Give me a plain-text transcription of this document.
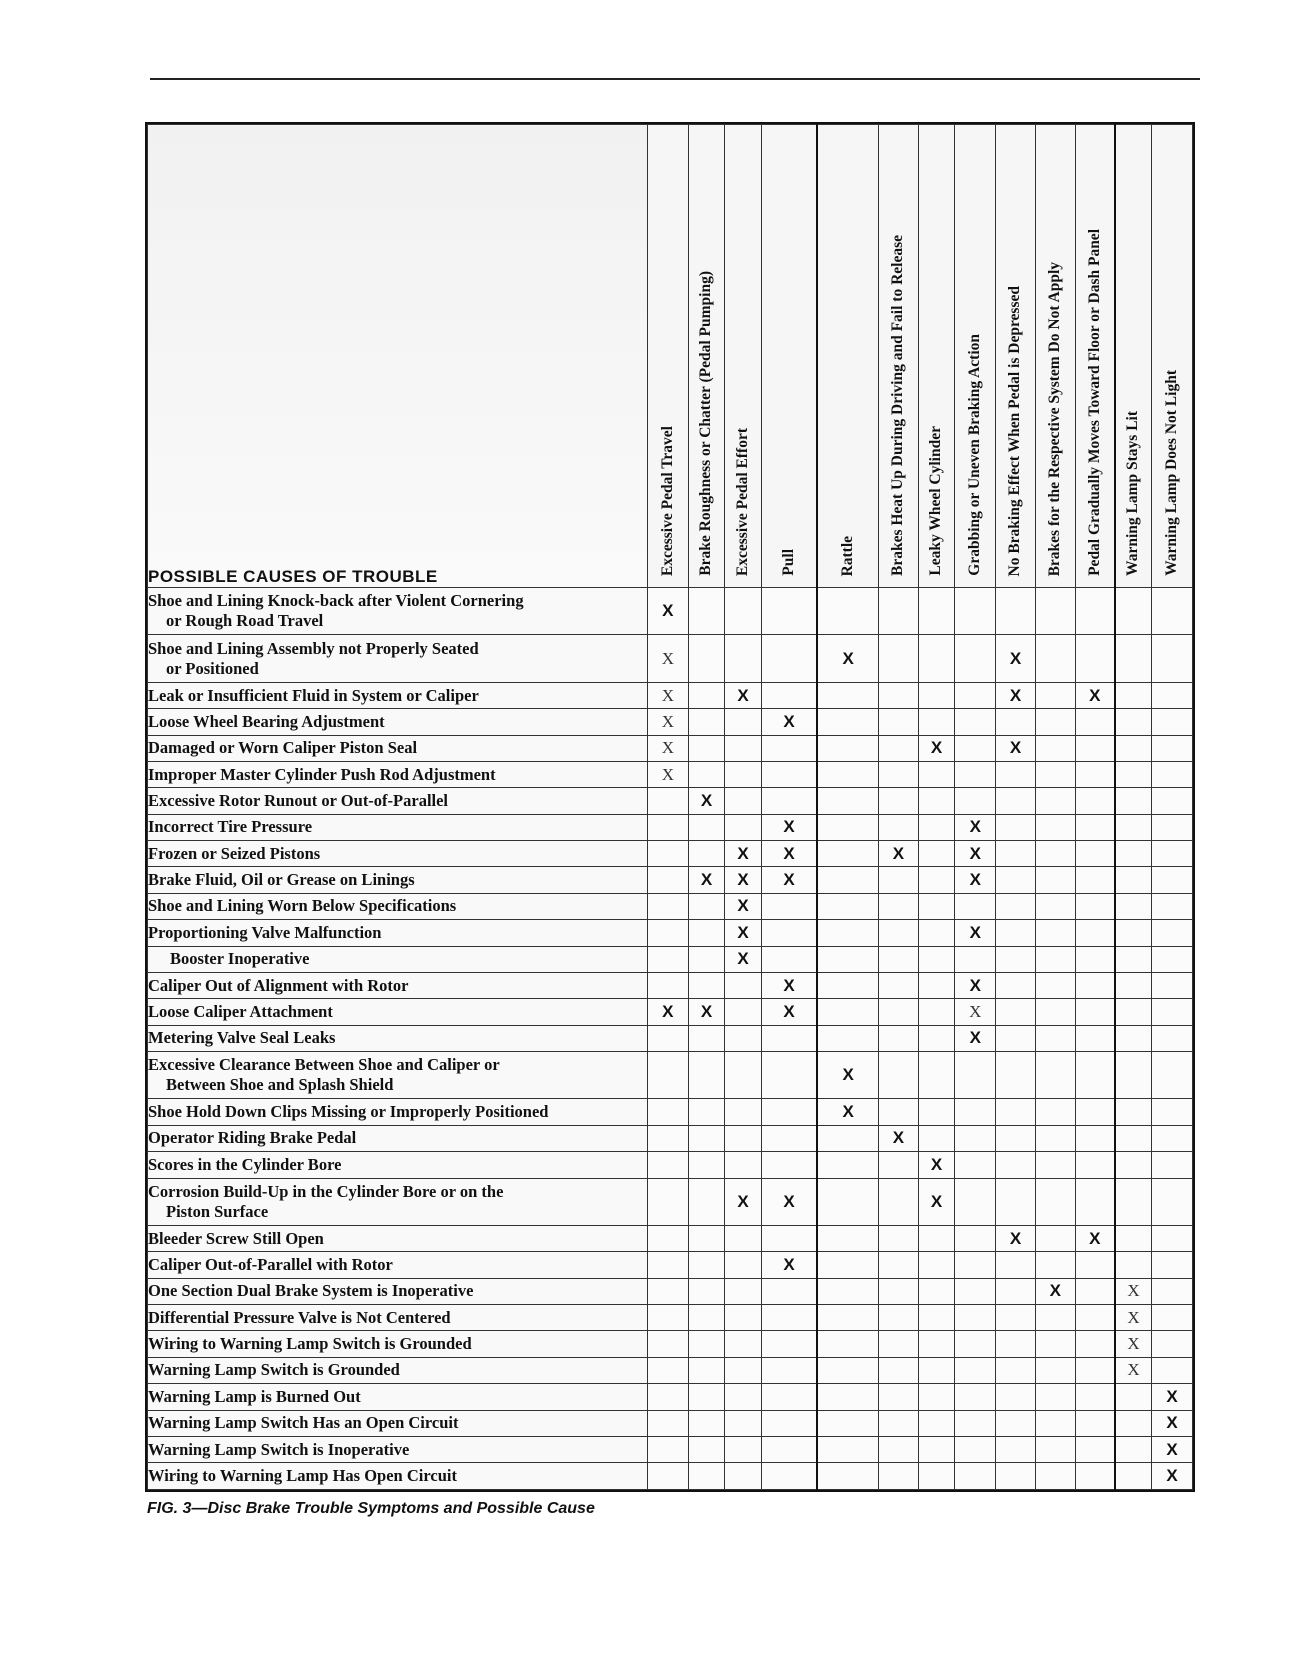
POSSIBLE CAUSES OF TROUBLE	Excessive Pedal Travel	Brake Roughness or Chatter (Pedal Pumping)	Excessive Pedal Effort	Pull	Rattle	Brakes Heat Up During Driving and Fail to Release	Leaky Wheel Cylinder	Grabbing or Uneven Braking Action	No Braking Effect When Pedal is Depressed	Brakes for the Respective System Do Not Apply	Pedal Gradually Moves Toward Floor or Dash Panel	Warning Lamp Stays Lit	Warning Lamp Does Not Light
Shoe and Lining Knock-back after Violent Cornering
or Rough Road Travel	X												
Shoe and Lining Assembly not Properly Seated
or Positioned	X				X				X				
Leak or Insufficient Fluid in System or Caliper	X		X						X		X		
Loose Wheel Bearing Adjustment	X			X									
Damaged or Worn Caliper Piston Seal	X						X		X				
Improper Master Cylinder Push Rod Adjustment	X												
Excessive Rotor Runout or Out-of-Parallel		X											
Incorrect Tire Pressure				X				X					
Frozen or Seized Pistons			X	X		X		X					
Brake Fluid, Oil or Grease on Linings		X	X	X				X					
Shoe and Lining Worn Below Specifications			X										
Proportioning Valve Malfunction			X					X					
Booster Inoperative			X										
Caliper Out of Alignment with Rotor				X				X					
Loose Caliper Attachment	X	X		X				X					
Metering Valve Seal Leaks								X					
Excessive Clearance Between Shoe and Caliper or
Between Shoe and Splash Shield					X								
Shoe Hold Down Clips Missing or Improperly Positioned					X								
Operator Riding Brake Pedal						X							
Scores in the Cylinder Bore							X						
Corrosion Build-Up in the Cylinder Bore or on the
Piston Surface			X	X			X						
Bleeder Screw Still Open									X		X		
Caliper Out-of-Parallel with Rotor				X									
One Section Dual Brake System is Inoperative										X		X	
Differential Pressure Valve is Not Centered												X	
Wiring to Warning Lamp Switch is Grounded												X	
Warning Lamp Switch is Grounded												X	
Warning Lamp is Burned Out													X
Warning Lamp Switch Has an Open Circuit													X
Warning Lamp Switch is Inoperative													X
Wiring to Warning Lamp Has Open Circuit													X
FIG. 3—Disc Brake Trouble Symptoms and Possible Cause
